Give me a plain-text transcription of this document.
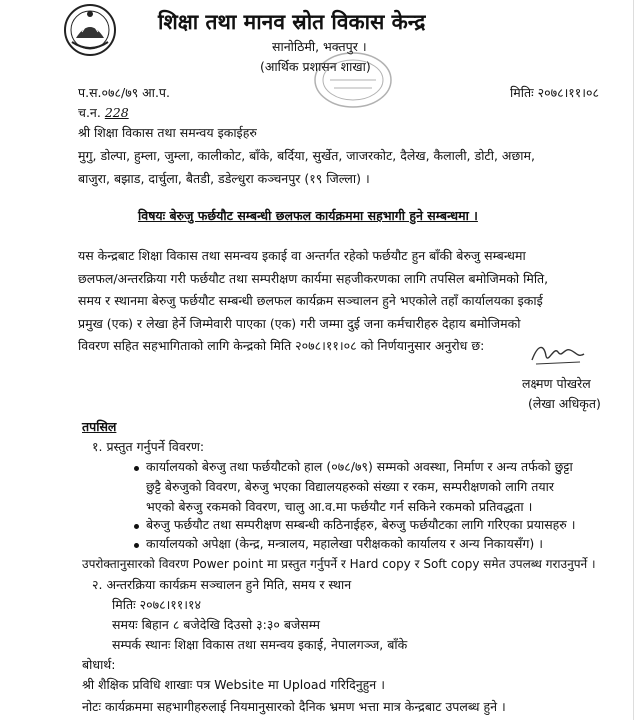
शिक्षा तथा मानव स्रोत विकास केन्द्र
सानोठिमी, भक्तपुर ।
(आर्थिक प्रशासन शाखा)
प.स.०७८/७९ आ.प.	मितिः २०७८।११।०८
च.न. 228
श्री शिक्षा विकास तथा समन्वय इकाईहरु
मुगु, डोल्पा, हुम्ला, जुम्ला, कालीकोट, बाँके, बर्दिया, सुर्खेत, जाजरकोट, दैलेख, कैलाली, डोटी, अछाम,
बाजुरा, बझाड, दार्चुला, बैतडी, डडेल्धुरा कञ्चनपुर (१९ जिल्ला) ।
विषयः बेरुजु फर्छयौट सम्बन्धी छलफल कार्यक्रममा सहभागी हुने सम्बन्धमा ।
यस केन्द्रबाट शिक्षा विकास तथा समन्वय इकाई वा अन्तर्गत रहेको फर्छयौट हुन बाँकी बेरुजु सम्बन्धमा
छलफल/अन्तरक्रिया गरी फर्छयौट तथा सम्परीक्षण कार्यमा सहजीकरणका लागि तपसिल बमोजिमको मिति,
समय र स्थानमा बेरुजु फर्छयौट सम्बन्धी छलफल कार्यक्रम सञ्चालन हुने भएकोले तहाँ कार्यालयका इकाई
प्रमुख (एक) र लेखा हेर्ने जिम्मेवारी पाएका (एक) गरी जम्मा दुई जना कर्मचारीहरु देहाय बमोजिमको
विवरण सहित सहभागिताको लागि केन्द्रको मिति २०७८।११।०८ को निर्णयानुसार अनुरोध छ:
लक्ष्मण पोखरेल
(लेखा अधिकृत)
तपसिल
१. प्रस्तुत गर्नुपर्ने विवरण:
कार्यालयको बेरुजु तथा फर्छयौटको हाल (०७८/७९) सम्मको अवस्था, निर्माण र अन्य तर्फको छुट्टा
छुट्टै बेरुजुको विवरण, बेरुजु भएका विद्यालयहरुको संख्या र रकम, सम्परीक्षणको लागि तयार
भएको बेरुजु रकमको विवरण, चालु आ.व.मा फर्छयौट गर्न सकिने रकमको प्रतिवद्धता ।
बेरुजु फर्छयौट तथा सम्परीक्षण सम्बन्धी कठिनाईहरु, बेरुजु फर्छयौटका लागि गरिएका प्रयासहरु ।
कार्यालयको अपेक्षा (केन्द्र, मन्त्रालय, महालेखा परीक्षकको कार्यालय र अन्य निकायसँग) ।
उपरोक्तानुसारको विवरण Power point मा प्रस्तुत गर्नुपर्ने र Hard copy र Soft copy समेत उपलब्ध गराउनुपर्ने ।
२. अन्तरक्रिया कार्यक्रम सञ्चालन हुने मिति, समय र स्थान
मितिः २०७८।११।१४
समयः बिहान ८ बजेदेखि दिउसो ३:३० बजेसम्म
सम्पर्क स्थानः शिक्षा विकास तथा समन्वय इकाई, नेपालगञ्ज, बाँके
बोधार्थ:
श्री शैक्षिक प्रविधि शाखाः पत्र Website मा Upload गरिदिनुहुन ।
नोटः कार्यक्रममा सहभागीहरुलाई नियमानुसारको दैनिक भ्रमण भत्ता मात्र केन्द्रबाट उपलब्ध हुने ।
